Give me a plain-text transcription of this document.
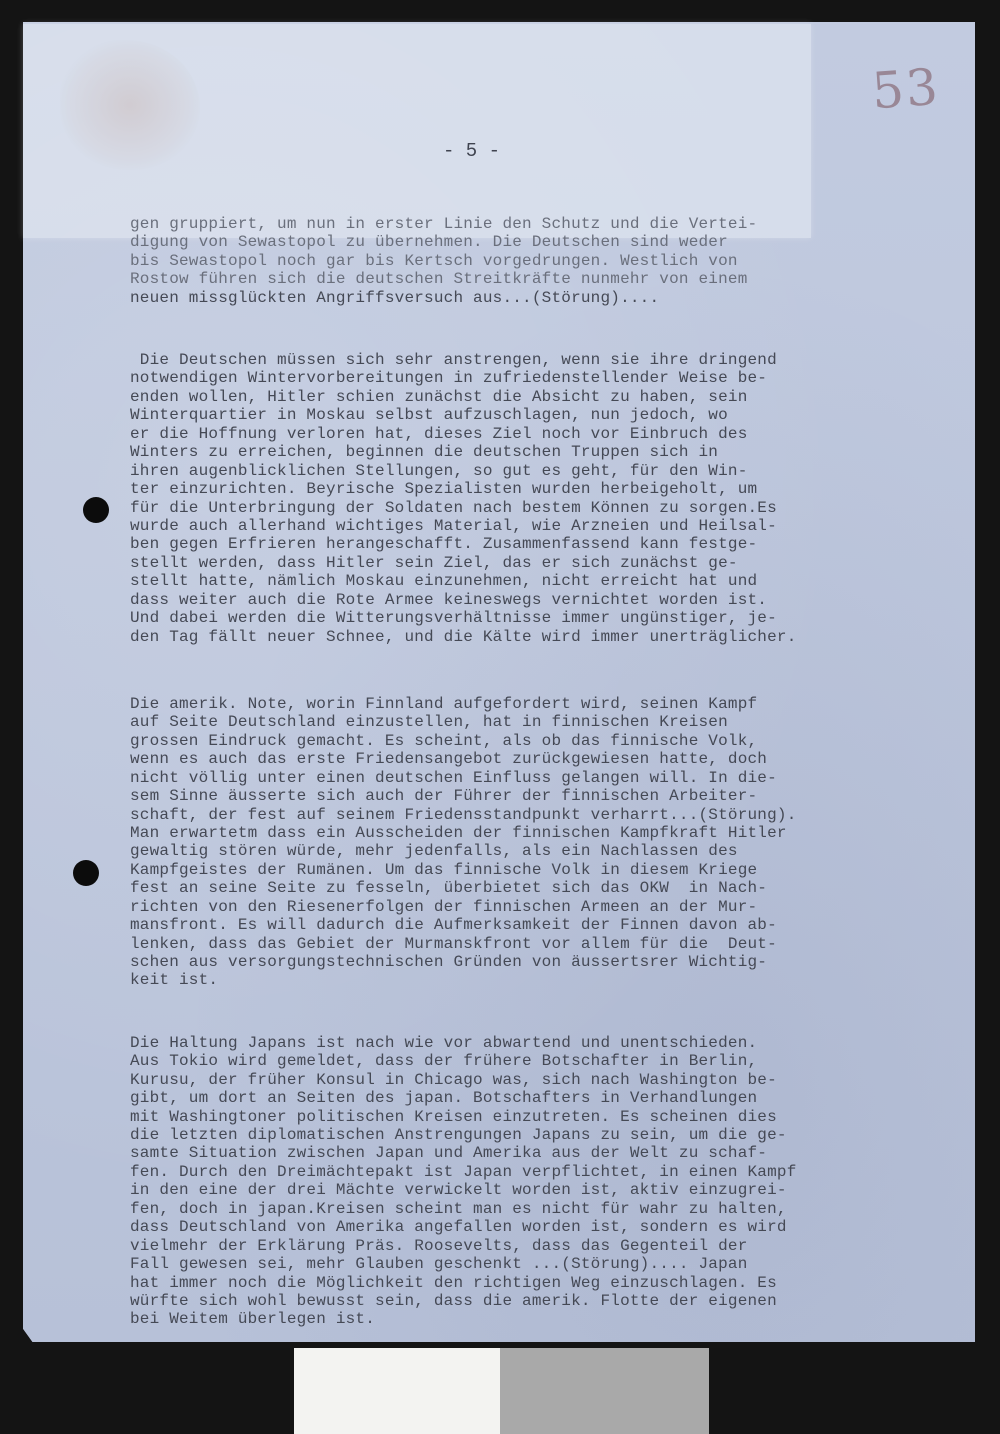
53
- 5 -

gen gruppiert, um nun in erster Linie den Schutz und die Vertei-
digung von Sewastopol zu übernehmen. Die Deutschen sind weder
bis Sewastopol noch gar bis Kertsch vorgedrungen. Westlich von
Rostow führen sich die deutschen Streitkräfte nunmehr von einem
neuen missglückten Angriffsversuch aus...(Störung)....

Die Deutschen müssen sich sehr anstrengen, wenn sie ihre dringend
notwendigen Wintervorbereitungen in zufriedenstellender Weise be-
enden wollen, Hitler schien zunächst die Absicht zu haben, sein
Winterquartier in Moskau selbst aufzuschlagen, nun jedoch, wo
er die Hoffnung verloren hat, dieses Ziel noch vor Einbruch des
Winters zu erreichen, beginnen die deutschen Truppen sich in
ihren augenblicklichen Stellungen, so gut es geht, für den Win-
ter einzurichten. Beyrische Spezialisten wurden herbeigeholt, um
für die Unterbringung der Soldaten nach bestem Können zu sorgen.Es
wurde auch allerhand wichtiges Material, wie Arzneien und Heilsal-
ben gegen Erfrieren herangeschafft. Zusammenfassend kann festge-
stellt werden, dass Hitler sein Ziel, das er sich zunächst ge-
stellt hatte, nämlich Moskau einzunehmen, nicht erreicht hat und
dass weiter auch die Rote Armee keineswegs vernichtet worden ist.
Und dabei werden die Witterungsverhältnisse immer ungünstiger, je-
den Tag fällt neuer Schnee, und die Kälte wird immer unerträglicher.

Die amerik. Note, worin Finnland aufgefordert wird, seinen Kampf
auf Seite Deutschland einzustellen, hat in finnischen Kreisen
grossen Eindruck gemacht. Es scheint, als ob das finnische Volk,
wenn es auch das erste Friedensangebot zurückgewiesen hatte, doch
nicht völlig unter einen deutschen Einfluss gelangen will. In die-
sem Sinne äusserte sich auch der Führer der finnischen Arbeiter-
schaft, der fest auf seinem Friedensstandpunkt verharrt...(Störung).
Man erwartetm dass ein Ausscheiden der finnischen Kampfkraft Hitler
gewaltig stören würde, mehr jedenfalls, als ein Nachlassen des
Kampfgeistes der Rumänen. Um das finnische Volk in diesem Kriege
fest an seine Seite zu fesseln, überbietet sich das OKW  in Nach-
richten von den Riesenerfolgen der finnischen Armeen an der Mur-
mansfront. Es will dadurch die Aufmerksamkeit der Finnen davon ab-
lenken, dass das Gebiet der Murmanskfront vor allem für die  Deut-
schen aus versorgungstechnischen Gründen von äussertsrer Wichtig-
keit ist.

Die Haltung Japans ist nach wie vor abwartend und unentschieden.
Aus Tokio wird gemeldet, dass der frühere Botschafter in Berlin,
Kurusu, der früher Konsul in Chicago was, sich nach Washington be-
gibt, um dort an Seiten des japan. Botschafters in Verhandlungen
mit Washingtoner politischen Kreisen einzutreten. Es scheinen dies
die letzten diplomatischen Anstrengungen Japans zu sein, um die ge-
samte Situation zwischen Japan und Amerika aus der Welt zu schaf-
fen. Durch den Dreimächtepakt ist Japan verpflichtet, in einen Kampf
in den eine der drei Mächte verwickelt worden ist, aktiv einzugrei-
fen, doch in japan.Kreisen scheint man es nicht für wahr zu halten,
dass Deutschland von Amerika angefallen worden ist, sondern es wird
vielmehr der Erklärung Präs. Roosevelts, dass das Gegenteil der
Fall gewesen sei, mehr Glauben geschenkt ...(Störung).... Japan
hat immer noch die Möglichkeit den richtigen Weg einzuschlagen. Es
würfte sich wohl bewusst sein, dass die amerik. Flotte der eigenen
bei Weitem überlegen ist.
